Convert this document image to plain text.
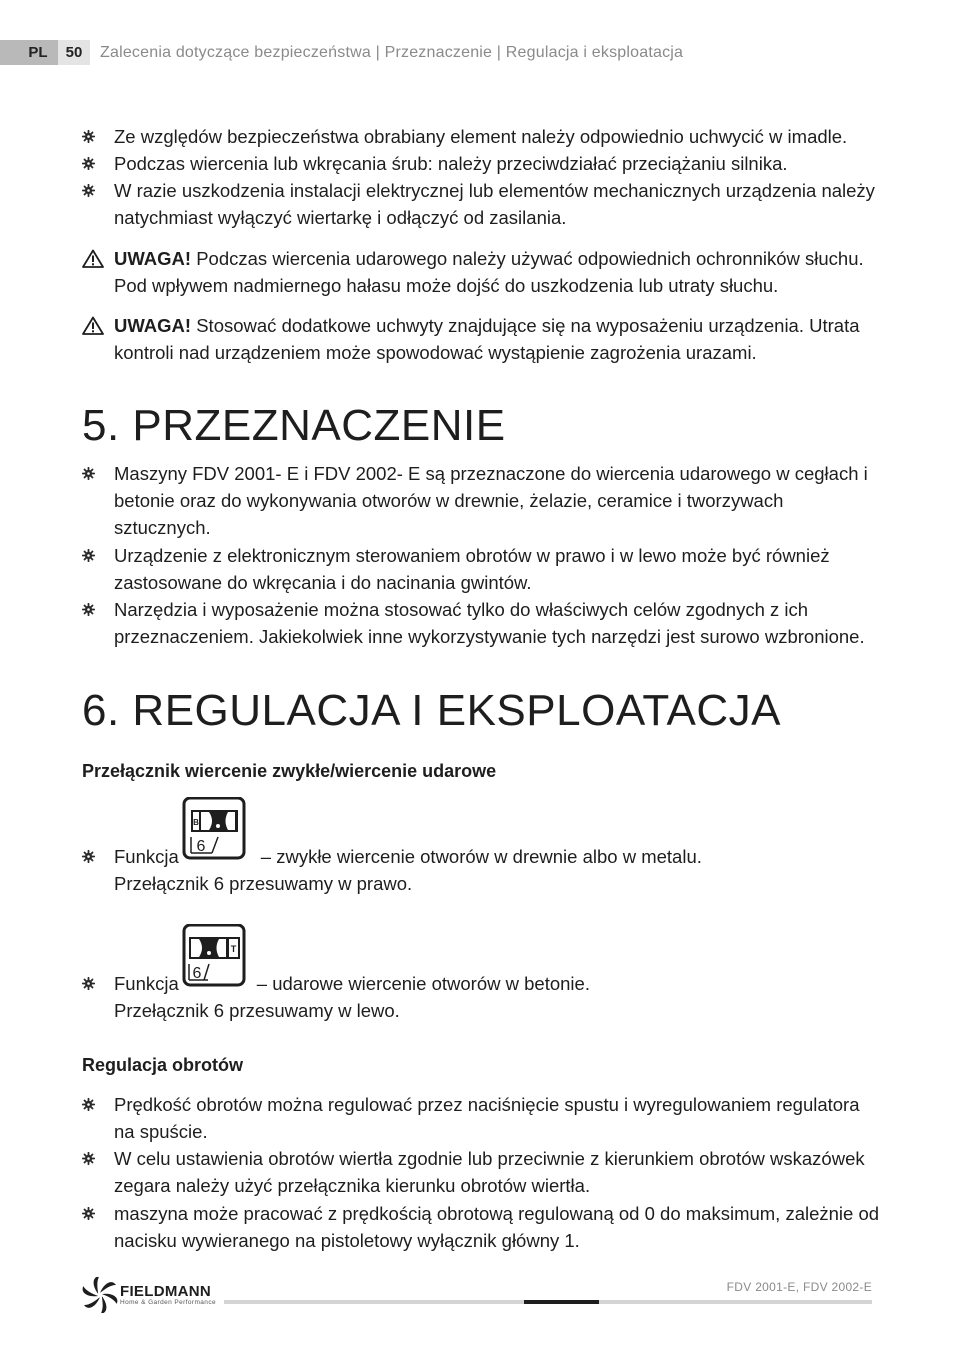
PL	50	Zalecenia dotyczące bezpieczeństwa | Przeznaczenie | Regulacja i eksploatacja
Ze względów bezpieczeństwa obrabiany element należy odpowiednio uchwycić w imadle.
Podczas wiercenia lub wkręcania śrub: należy przeciwdziałać przeciążaniu silnika.
W razie uszkodzenia instalacji elektrycznej lub elementów mechanicznych urządzenia należy natychmiast wyłączyć wiertarkę i odłączyć od zasilania.
UWAGA! Podczas wiercenia udarowego należy używać odpowiednich ochronników słuchu. Pod wpływem nadmiernego hałasu może dojść do uszkodzenia lub utraty słuchu.
UWAGA! Stosować dodatkowe uchwyty znajdujące się na wyposażeniu urządzenia. Utrata kontroli nad urządzeniem może spowodować wystąpienie zagrożenia urazami.
5. PRZEZNACZENIE
Maszyny FDV 2001- E i FDV 2002- E są przeznaczone do wiercenia udarowego w cegłach i betonie oraz do wykonywania otworów w drewnie, żelazie, ceramice i tworzywach sztucznych.
Urządzenie z elektronicznym sterowaniem obrotów w prawo i w lewo może być również zastosowane do wkręcania i do nacinania gwintów.
Narzędzia i wyposażenie można stosować tylko do właściwych celów zgodnych z ich przeznaczeniem. Jakiekolwiek inne wykorzystywanie tych narzędzi jest surowo wzbronione.
6. REGULACJA I EKSPLOATACJA
Przełącznik wiercenie zwykłe/wiercenie udarowe
B
6
Funkcja	– zwykłe wiercenie otworów w drewnie albo w metalu.
Przełącznik 6 przesuwamy w prawo.
T
6
Funkcja	– udarowe wiercenie otworów w betonie.
Przełącznik 6 przesuwamy w lewo.
Regulacja obrotów
Prędkość obrotów można regulować przez naciśnięcie spustu i wyregulowaniem regulatora na spuście.
W celu ustawienia obrotów wiertła zgodnie lub przeciwnie z kierunkiem obrotów wskazówek zegara należy użyć przełącznika kierunku obrotów wiertła.
maszyna może pracować z prędkością obrotową regulowaną od 0 do maksimum, zależnie od nacisku wywieranego na pistoletowy wyłącznik główny 1.
FIELDMANN
Home & Garden Performance
FDV 2001-E, FDV 2002-E
